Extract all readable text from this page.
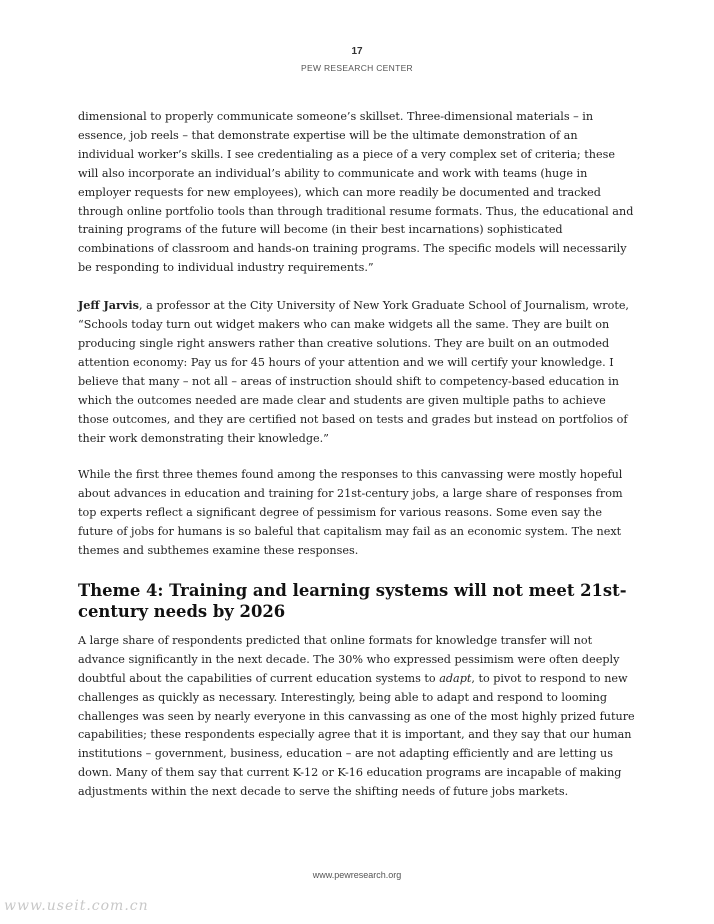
17
PEW RESEARCH CENTER

dimensional to properly communicate someone’s skillset. Three-dimensional materials – in essence, job reels – that demonstrate expertise will be the ultimate demonstration of an individual worker’s skills. I see credentialing as a piece of a very complex set of criteria; these will also incorporate an individual’s ability to communicate and work with teams (huge in employer requests for new employees), which can more readily be documented and tracked through online portfolio tools than through traditional resume formats. Thus, the educational and training programs of the future will become (in their best incarnations) sophisticated combinations of classroom and hands-on training programs. The specific models will necessarily be responding to individual industry requirements.”

Jeff Jarvis, a professor at the City University of New York Graduate School of Journalism, wrote, “Schools today turn out widget makers who can make widgets all the same. They are built on producing single right answers rather than creative solutions. They are built on an outmoded attention economy: Pay us for 45 hours of your attention and we will certify your knowledge. I believe that many – not all – areas of instruction should shift to competency-based education in which the outcomes needed are made clear and students are given multiple paths to achieve those outcomes, and they are certified not based on tests and grades but instead on portfolios of their work demonstrating their knowledge.”

While the first three themes found among the responses to this canvassing were mostly hopeful about advances in education and training for 21st-century jobs, a large share of responses from top experts reflect a significant degree of pessimism for various reasons. Some even say the future of jobs for humans is so baleful that capitalism may fail as an economic system. The next themes and subthemes examine these responses.

Theme 4: Training and learning systems will not meet 21st-century needs by 2026

A large share of respondents predicted that online formats for knowledge transfer will not advance significantly in the next decade. The 30% who expressed pessimism were often deeply doubtful about the capabilities of current education systems to adapt, to pivot to respond to new challenges as quickly as necessary. Interestingly, being able to adapt and respond to looming challenges was seen by nearly everyone in this canvassing as one of the most highly prized future capabilities; these respondents especially agree that it is important, and they say that our human institutions – government, business, education – are not adapting efficiently and are letting us down. Many of them say that current K-12 or K-16 education programs are incapable of making adjustments within the next decade to serve the shifting needs of future jobs markets.

www.pewresearch.org
www.useit.com.cn
